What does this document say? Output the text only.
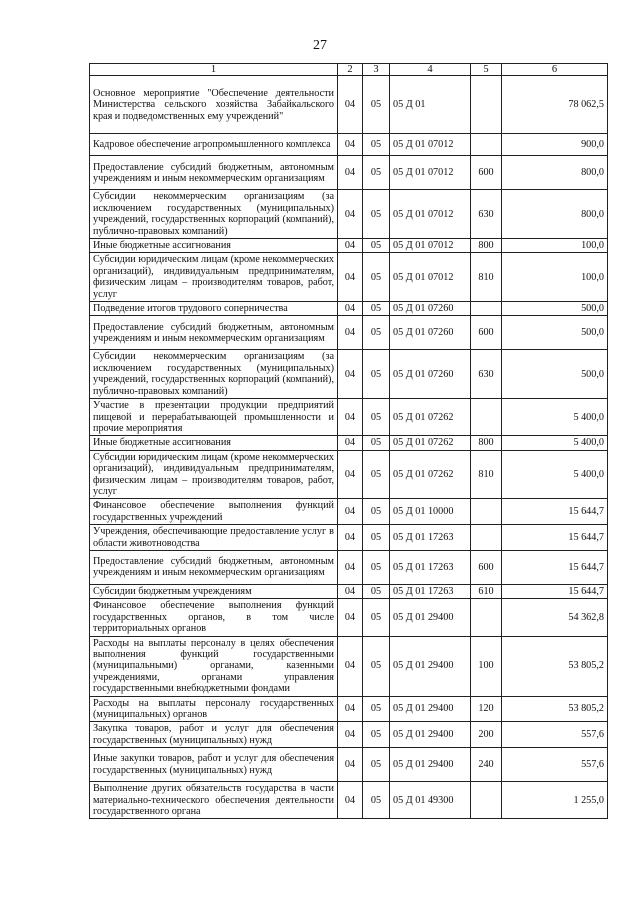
27
1	2	3	4	5	6
Основное мероприятие "Обеспечение деятельности Министерства сельского хозяйства Забайкальского края и подведомственных ему учреждений"	04	05	05 Д 01		78 062,5
Кадровое обеспечение агропромышленного комплекса	04	05	05 Д 01 07012		900,0
Предоставление субсидий бюджетным, автономным учреждениям и иным некоммерческим организациям	04	05	05 Д 01 07012	600	800,0
Субсидии некоммерческим организациям (за исключением государственных (муниципальных) учреждений, государственных корпораций (компаний), публично-правовых компаний)	04	05	05 Д 01 07012	630	800,0
Иные бюджетные ассигнования	04	05	05 Д 01 07012	800	100,0
Субсидии юридическим лицам (кроме некоммерческих организаций), индивидуальным предпринимателям, физическим лицам – производителям товаров, работ, услуг	04	05	05 Д 01 07012	810	100,0
Подведение итогов трудового соперничества	04	05	05 Д 01 07260		500,0
Предоставление субсидий бюджетным, автономным учреждениям и иным некоммерческим организациям	04	05	05 Д 01 07260	600	500,0
Субсидии некоммерческим организациям (за исключением государственных (муниципальных) учреждений, государственных корпораций (компаний), публично-правовых компаний)	04	05	05 Д 01 07260	630	500,0
Участие в презентации продукции предприятий пищевой и перерабатывающей промышленности и прочие мероприятия	04	05	05 Д 01 07262		5 400,0
Иные бюджетные ассигнования	04	05	05 Д 01 07262	800	5 400,0
Субсидии юридическим лицам (кроме некоммерческих организаций), индивидуальным предпринимателям, физическим лицам – производителям товаров, работ, услуг	04	05	05 Д 01 07262	810	5 400,0
Финансовое обеспечение выполнения функций государственных учреждений	04	05	05 Д 01 10000		15 644,7
Учреждения, обеспечивающие предоставление услуг в области животноводства	04	05	05 Д 01 17263		15 644,7
Предоставление субсидий бюджетным, автономным учреждениям и иным некоммерческим организациям	04	05	05 Д 01 17263	600	15 644,7
Субсидии бюджетным учреждениям	04	05	05 Д 01 17263	610	15 644,7
Финансовое обеспечение выполнения функций государственных органов, в том числе территориальных органов	04	05	05 Д 01 29400		54 362,8
Расходы на выплаты персоналу в целях обеспечения выполнения функций государственными (муниципальными) органами, казенными учреждениями, органами управления государственными внебюджетными фондами	04	05	05 Д 01 29400	100	53 805,2
Расходы на выплаты персоналу государственных (муниципальных) органов	04	05	05 Д 01 29400	120	53 805,2
Закупка товаров, работ и услуг для обеспечения государственных (муниципальных) нужд	04	05	05 Д 01 29400	200	557,6
Иные закупки товаров, работ и услуг для обеспечения государственных (муниципальных) нужд	04	05	05 Д 01 29400	240	557,6
Выполнение других обязательств государства в части материально-технического обеспечения деятельности государственного органа	04	05	05 Д 01 49300		1 255,0
